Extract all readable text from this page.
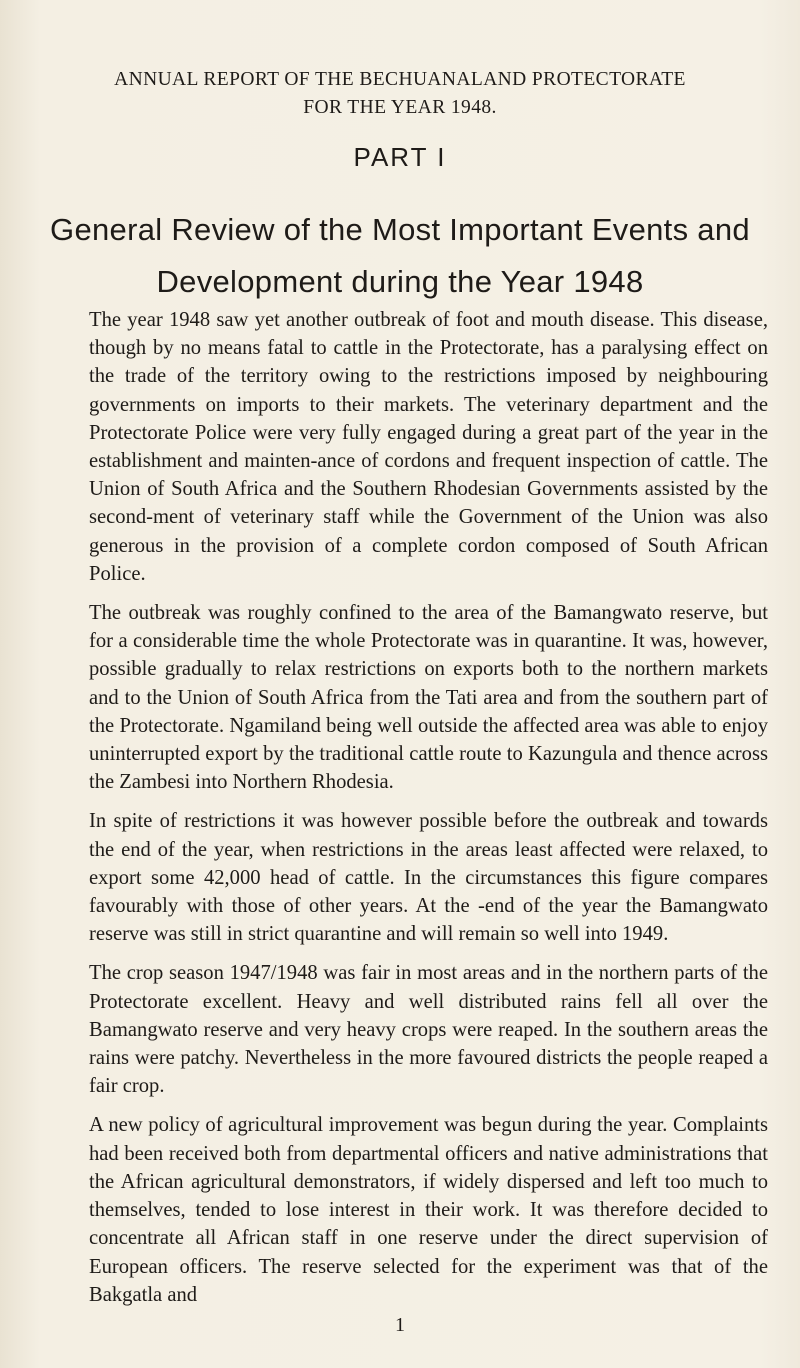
ANNUAL REPORT OF THE BECHUANALAND PROTECTORATE
FOR THE YEAR 1948.
PART I
General Review of the Most Important Events and
Development during the Year 1948

The year 1948 saw yet another outbreak of foot and mouth disease. This disease, though by no means fatal to cattle in the Protectorate, has a paralysing effect on the trade of the territory owing to the restrictions imposed by neighbouring governments on imports to their markets. The veterinary department and the Protectorate Police were very fully engaged during a great part of the year in the establishment and mainten-ance of cordons and frequent inspection of cattle. The Union of South Africa and the Southern Rhodesian Governments assisted by the second-ment of veterinary staff while the Government of the Union was also generous in the provision of a complete cordon composed of South African Police.

The outbreak was roughly confined to the area of the Bamangwato reserve, but for a considerable time the whole Protectorate was in quarantine. It was, however, possible gradually to relax restrictions on exports both to the northern markets and to the Union of South Africa from the Tati area and from the southern part of the Protectorate. Ngamiland being well outside the affected area was able to enjoy uninterrupted export by the traditional cattle route to Kazungula and thence across the Zambesi into Northern Rhodesia.

In spite of restrictions it was however possible before the outbreak and towards the end of the year, when restrictions in the areas least affected were relaxed, to export some 42,000 head of cattle. In the circumstances this figure compares favourably with those of other years. At the -end of the year the Bamangwato reserve was still in strict quarantine and will remain so well into 1949.

The crop season 1947/1948 was fair in most areas and in the northern parts of the Protectorate excellent. Heavy and well distributed rains fell all over the Bamangwato reserve and very heavy crops were reaped. In the southern areas the rains were patchy. Nevertheless in the more favoured districts the people reaped a fair crop.

A new policy of agricultural improvement was begun during the year. Complaints had been received both from departmental officers and native administrations that the African agricultural demonstrators, if widely dispersed and left too much to themselves, tended to lose interest in their work. It was therefore decided to concentrate all African staff in one reserve under the direct supervision of European officers. The reserve selected for the experiment was that of the Bakgatla and

1
